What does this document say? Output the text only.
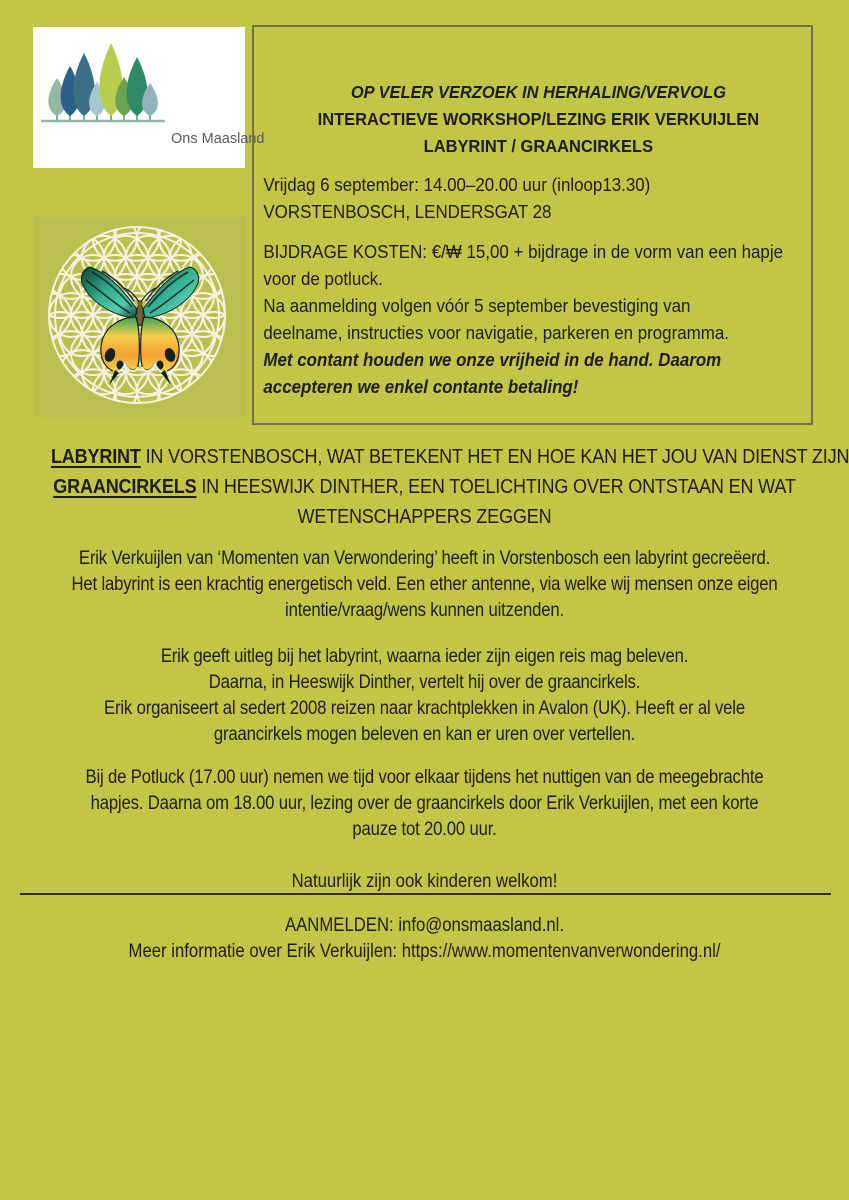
Ons Maasland
OP VELER VERZOEK IN HERHALING/VERVOLG
INTERACTIEVE WORKSHOP/LEZING ERIK VERKUIJLEN
LABYRINT / GRAANCIRKELS
Vrijdag 6 september: 14.00–20.00 uur (inloop13.30)
VORSTENBOSCH, LENDERSGAT 28
BIJDRAGE KOSTEN: €/₩ 15,00 + bijdrage in de vorm van een hapje
voor de potluck.
Na aanmelding volgen vóór 5 september bevestiging van
deelname, instructies voor navigatie, parkeren en programma.
Met contant houden we onze vrijheid in de hand. Daarom
accepteren we enkel contante betaling!
LABYRINT IN VORSTENBOSCH, WAT BETEKENT HET EN HOE KAN HET JOU VAN DIENST ZIJN
GRAANCIRKELS IN HEESWIJK DINTHER, EEN TOELICHTING OVER ONTSTAAN EN WAT
WETENSCHAPPERS ZEGGEN
Erik Verkuijlen van ‘Momenten van Verwondering’ heeft in Vorstenbosch een labyrint gecreëerd.
Het labyrint is een krachtig energetisch veld. Een ether antenne, via welke wij mensen onze eigen
intentie/vraag/wens kunnen uitzenden.
Erik geeft uitleg bij het labyrint, waarna ieder zijn eigen reis mag beleven.
Daarna, in Heeswijk Dinther, vertelt hij over de graancirkels.
Erik organiseert al sedert 2008 reizen naar krachtplekken in Avalon (UK). Heeft er al vele
graancirkels mogen beleven en kan er uren over vertellen.
Bij de Potluck (17.00 uur) nemen we tijd voor elkaar tijdens het nuttigen van de meegebrachte
hapjes. Daarna om 18.00 uur, lezing over de graancirkels door Erik Verkuijlen, met een korte
pauze tot 20.00 uur.
Natuurlijk zijn ook kinderen welkom!
AANMELDEN: info@onsmaasland.nl.
Meer informatie over Erik Verkuijlen: https://www.momentenvanverwondering.nl/
